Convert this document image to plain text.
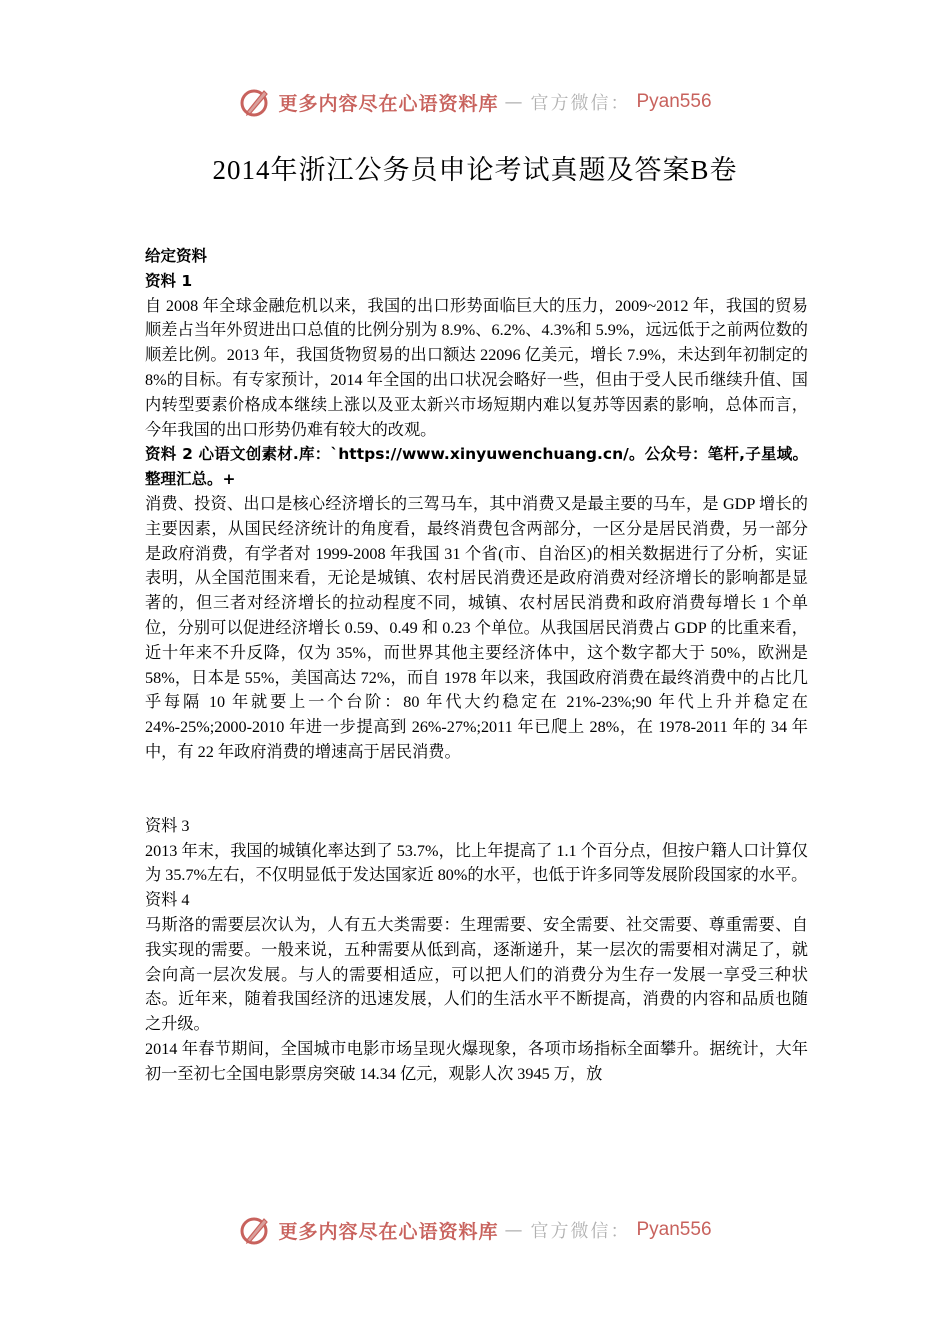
更多内容尽在心语资料库 — 官方微信： Pyan556
2014年浙江公务员申论考试真题及答案B卷

给定资料

资料 1

自 2008 年全球金融危机以来，我国的出口形势面临巨大的压力，2009~2012 年，我国的贸易顺差占当年外贸进出口总值的比例分别为 8.9%、6.2%、4.3%和 5.9%，远远低于之前两位数的顺差比例。2013 年，我国货物贸易的出口额达 22096 亿美元，增长 7.9%，未达到年初制定的 8%的目标。有专家预计，2014 年全国的出口状况会略好一些，但由于受人民币继续升值、国内转型要素价格成本继续上涨以及亚太新兴市场短期内难以复苏等因素的影响，总体而言，今年我国的出口形势仍难有较大的改观。

资料 2 心语文创素材.库：`https://www.xinyuwenchuang.cn/。公众号：笔杆,子星域。整理汇总。+

消费、投资、出口是核心经济增长的三驾马车，其中消费又是最主要的马车，是 GDP 增长的主要因素，从国民经济统计的角度看，最终消费包含两部分，一区分是居民消费，另一部分是政府消费，有学者对 1999-2008 年我国 31 个省(市、自治区)的相关数据进行了分析，实证表明，从全国范围来看，无论是城镇、农村居民消费还是政府消费对经济增长的影响都是显著的，但三者对经济增长的拉动程度不同，城镇、农村居民消费和政府消费每增长 1 个单位，分别可以促进经济增长 0.59、0.49 和 0.23 个单位。从我国居民消费占 GDP 的比重来看，近十年来不升反降，仅为 35%，而世界其他主要经济体中，这个数字都大于 50%，欧洲是 58%，日本是 55%，美国高达 72%，而自 1978 年以来，我国政府消费在最终消费中的占比几乎每隔 10 年就要上一个台阶：80 年代大约稳定在 21%-23%;90 年代上升并稳定在 24%-25%;2000-2010 年进一步提高到 26%-27%;2011 年已爬上 28%，在 1978-2011 年的 34 年中，有 22 年政府消费的增速高于居民消费。

资料 3

2013 年末，我国的城镇化率达到了 53.7%，比上年提高了 1.1 个百分点，但按户籍人口计算仅为 35.7%左右，不仅明显低于发达国家近 80%的水平，也低于许多同等发展阶段国家的水平。

资料 4

马斯洛的需要层次认为，人有五大类需要：生理需要、安全需要、社交需要、尊重需要、自我实现的需要。一般来说，五种需要从低到高，逐渐递升，某一层次的需要相对满足了，就会向高一层次发展。与人的需要相适应，可以把人们的消费分为生存一发展一享受三种状态。近年来，随着我国经济的迅速发展，人们的生活水平不断提高，消费的内容和品质也随之升级。

2014 年春节期间，全国城市电影市场呈现火爆现象，各项市场指标全面攀升。据统计，大年初一至初七全国电影票房突破 14.34 亿元，观影人次 3945 万，放

更多内容尽在心语资料库 — 官方微信： Pyan556
